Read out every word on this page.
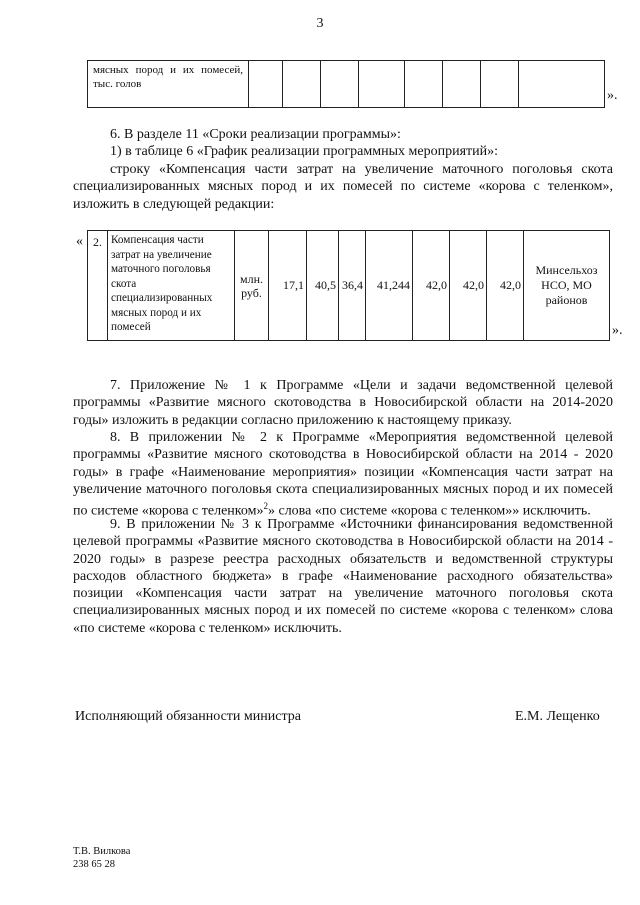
3
мясных пород и их помесей, тыс. голов								
».

6. В разделе 11 «Сроки реализации программы»:

1) в таблице 6 «График реализации программных мероприятий»:

строку «Компенсация части затрат на увеличение маточного поголовья скота специализированных мясных пород и их помесей по системе «корова с теленком», изложить в следующей редакции:

« 2.	Компенсация части затрат на увеличение маточного поголовья скота специализированных мясных пород и их помесей	млн. руб.	17,1	40,5	36,4	41,244	42,0	42,0	42,0	Минсельхоз НСО, МО районов
».

7. Приложение № 1 к Программе «Цели и задачи ведомственной целевой программы «Развитие мясного скотоводства в Новосибирской области на 2014-2020 годы» изложить в редакции согласно приложению к настоящему приказу.

8. В приложении № 2 к Программе «Мероприятия ведомственной целевой программы «Развитие мясного скотоводства в Новосибирской области на 2014 - 2020 годы» в графе «Наименование мероприятия» позиции «Компенсация части затрат на увеличение маточного поголовья скота специализированных мясных пород и их помесей по системе «корова с теленком»$^2$» слова «по системе «корова с теленком»» исключить.

9. В приложении № 3 к Программе «Источники финансирования ведомственной целевой программы «Развитие мясного скотоводства в Новосибирской области на 2014 - 2020 годы» в разрезе реестра расходных обязательств и ведомственной структуры расходов областного бюджета» в графе «Наименование расходного обязательства» позиции «Компенсация части затрат на увеличение маточного поголовья скота специализированных мясных пород и их помесей по системе «корова с теленком» слова «по системе «корова с теленком» исключить.

Исполняющий обязанности министра	Е.М. Лещенко
Т.В. Вилкова
238 65 28
